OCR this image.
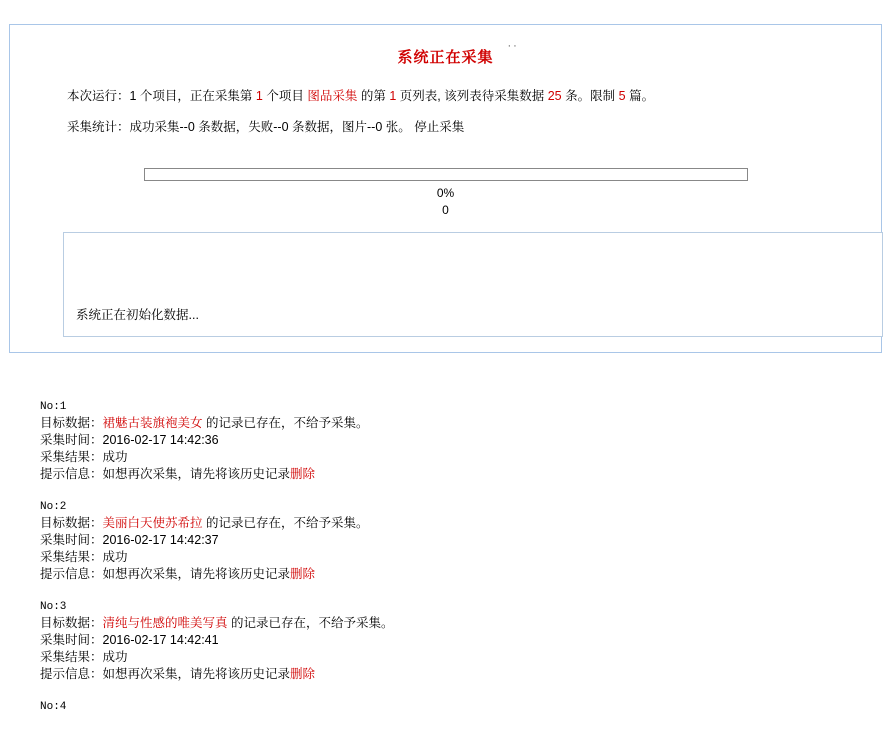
系统正在采集
··
本次运行：1 个项目，正在采集第 1 个项目 图品采集 的第 1 页列表, 该列表待采集数据 25 条。限制 5 篇。
采集统计：成功采集--0 条数据，失败--0 条数据，图片--0 张。 停止采集
0%
0
系统正在初始化数据...
No:1
目标数据：裙魅古装旗袍美女 的记录已存在，不给予采集。
采集时间：2016-02-17 14:42:36
采集结果：成功
提示信息：如想再次采集，请先将该历史记录删除
No:2
目标数据：美丽白天使苏希拉 的记录已存在，不给予采集。
采集时间：2016-02-17 14:42:37
采集结果：成功
提示信息：如想再次采集，请先将该历史记录删除
No:3
目标数据：清纯与性感的唯美写真 的记录已存在，不给予采集。
采集时间：2016-02-17 14:42:41
采集结果：成功
提示信息：如想再次采集，请先将该历史记录删除
No:4
